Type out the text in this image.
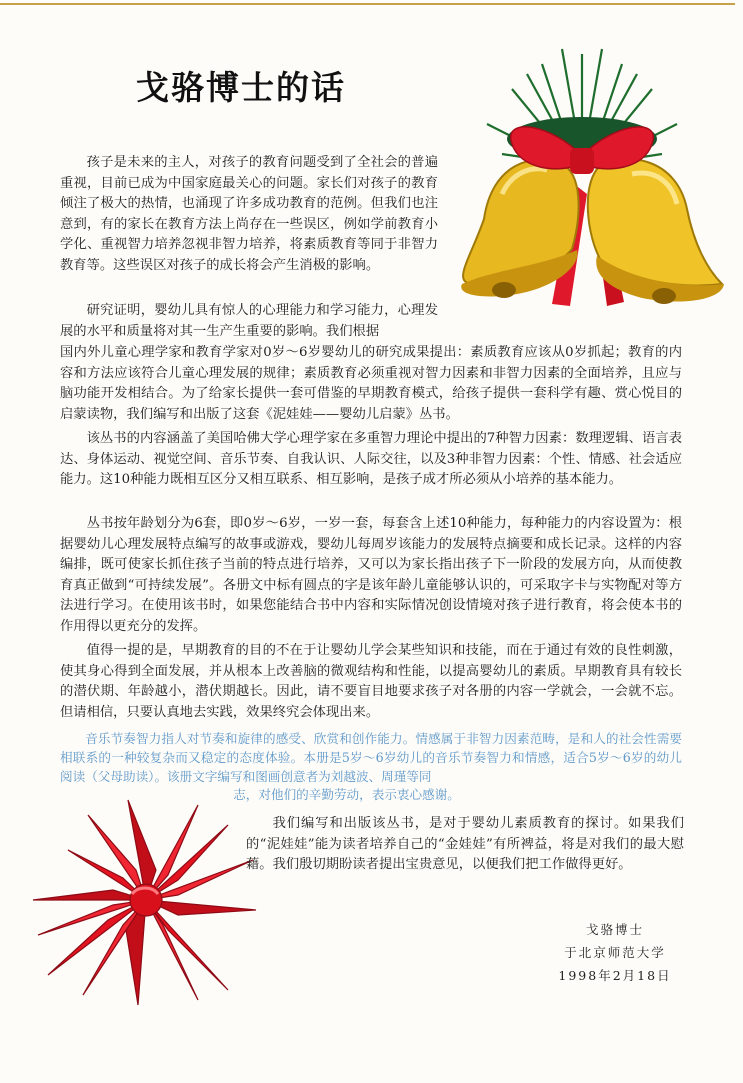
戈骆博士的话

孩子是未来的主人，对孩子的教育问题受到了全社会的普遍重视，目前已成为中国家庭最关心的问题。家长们对孩子的教育倾注了极大的热情，也涌现了许多成功教育的范例。但我们也注意到，有的家长在教育方法上尚存在一些误区，例如学前教育小学化、重视智力培养忽视非智力培养，将素质教育等同于非智力教育等。这些误区对孩子的成长将会产生消极的影响。

研究证明，婴幼儿具有惊人的心理能力和学习能力，心理发展的水平和质量将对其一生产生重要的影响。我们根据

国内外儿童心理学家和教育学家对0岁～6岁婴幼儿的研究成果提出：素质教育应该从0岁抓起；教育的内容和方法应该符合儿童心理发展的规律；素质教育必须重视对智力因素和非智力因素的全面培养，且应与脑功能开发相结合。为了给家长提供一套可借鉴的早期教育模式，给孩子提供一套科学有趣、赏心悦目的启蒙读物，我们编写和出版了这套《泥娃娃——婴幼儿启蒙》丛书。

该丛书的内容涵盖了美国哈佛大学心理学家在多重智力理论中提出的7种智力因素：数理逻辑、语言表达、身体运动、视觉空间、音乐节奏、自我认识、人际交往，以及3种非智力因素：个性、情感、社会适应能力。这10种能力既相互区分又相互联系、相互影响，是孩子成才所必须从小培养的基本能力。

丛书按年龄划分为6套，即0岁～6岁，一岁一套，每套含上述10种能力，每种能力的内容设置为：根据婴幼儿心理发展特点编写的故事或游戏，婴幼儿每周岁该能力的发展特点摘要和成长记录。这样的内容编排，既可使家长抓住孩子当前的特点进行培养，又可以为家长指出孩子下一阶段的发展方向，从而使教育真正做到“可持续发展”。各册文中标有圆点的字是该年龄儿童能够认识的，可采取字卡与实物配对等方法进行学习。在使用该书时，如果您能结合书中内容和实际情况创设情境对孩子进行教育，将会使本书的作用得以更充分的发挥。

值得一提的是，早期教育的目的不在于让婴幼儿学会某些知识和技能，而在于通过有效的良性刺激，使其身心得到全面发展，并从根本上改善脑的微观结构和性能，以提高婴幼儿的素质。早期教育具有较长的潜伏期、年龄越小，潜伏期越长。因此，请不要盲目地要求孩子对各册的内容一学就会，一会就不忘。但请相信，只要认真地去实践，效果终究会体现出来。

音乐节奏智力指人对节奏和旋律的感受、欣赏和创作能力。情感属于非智力因素范畴，是和人的社会性需要相联系的一种较复杂而又稳定的态度体验。本册是5岁～6岁幼儿的音乐节奏智力和情感，适合5岁～6岁的幼儿阅读（父母助读）。该册文字编写和图画创意者为刘越波、周瑾等同
志，对他们的辛勤劳动，表示衷心感谢。

我们编写和出版该丛书，是对于婴幼儿素质教育的探讨。如果我们的“泥娃娃”能为读者培养自己的“金娃娃”有所裨益，将是对我们的最大慰藉。我们殷切期盼读者提出宝贵意见，以便我们把工作做得更好。

戈骆博士
于北京师范大学
1998年2月18日
